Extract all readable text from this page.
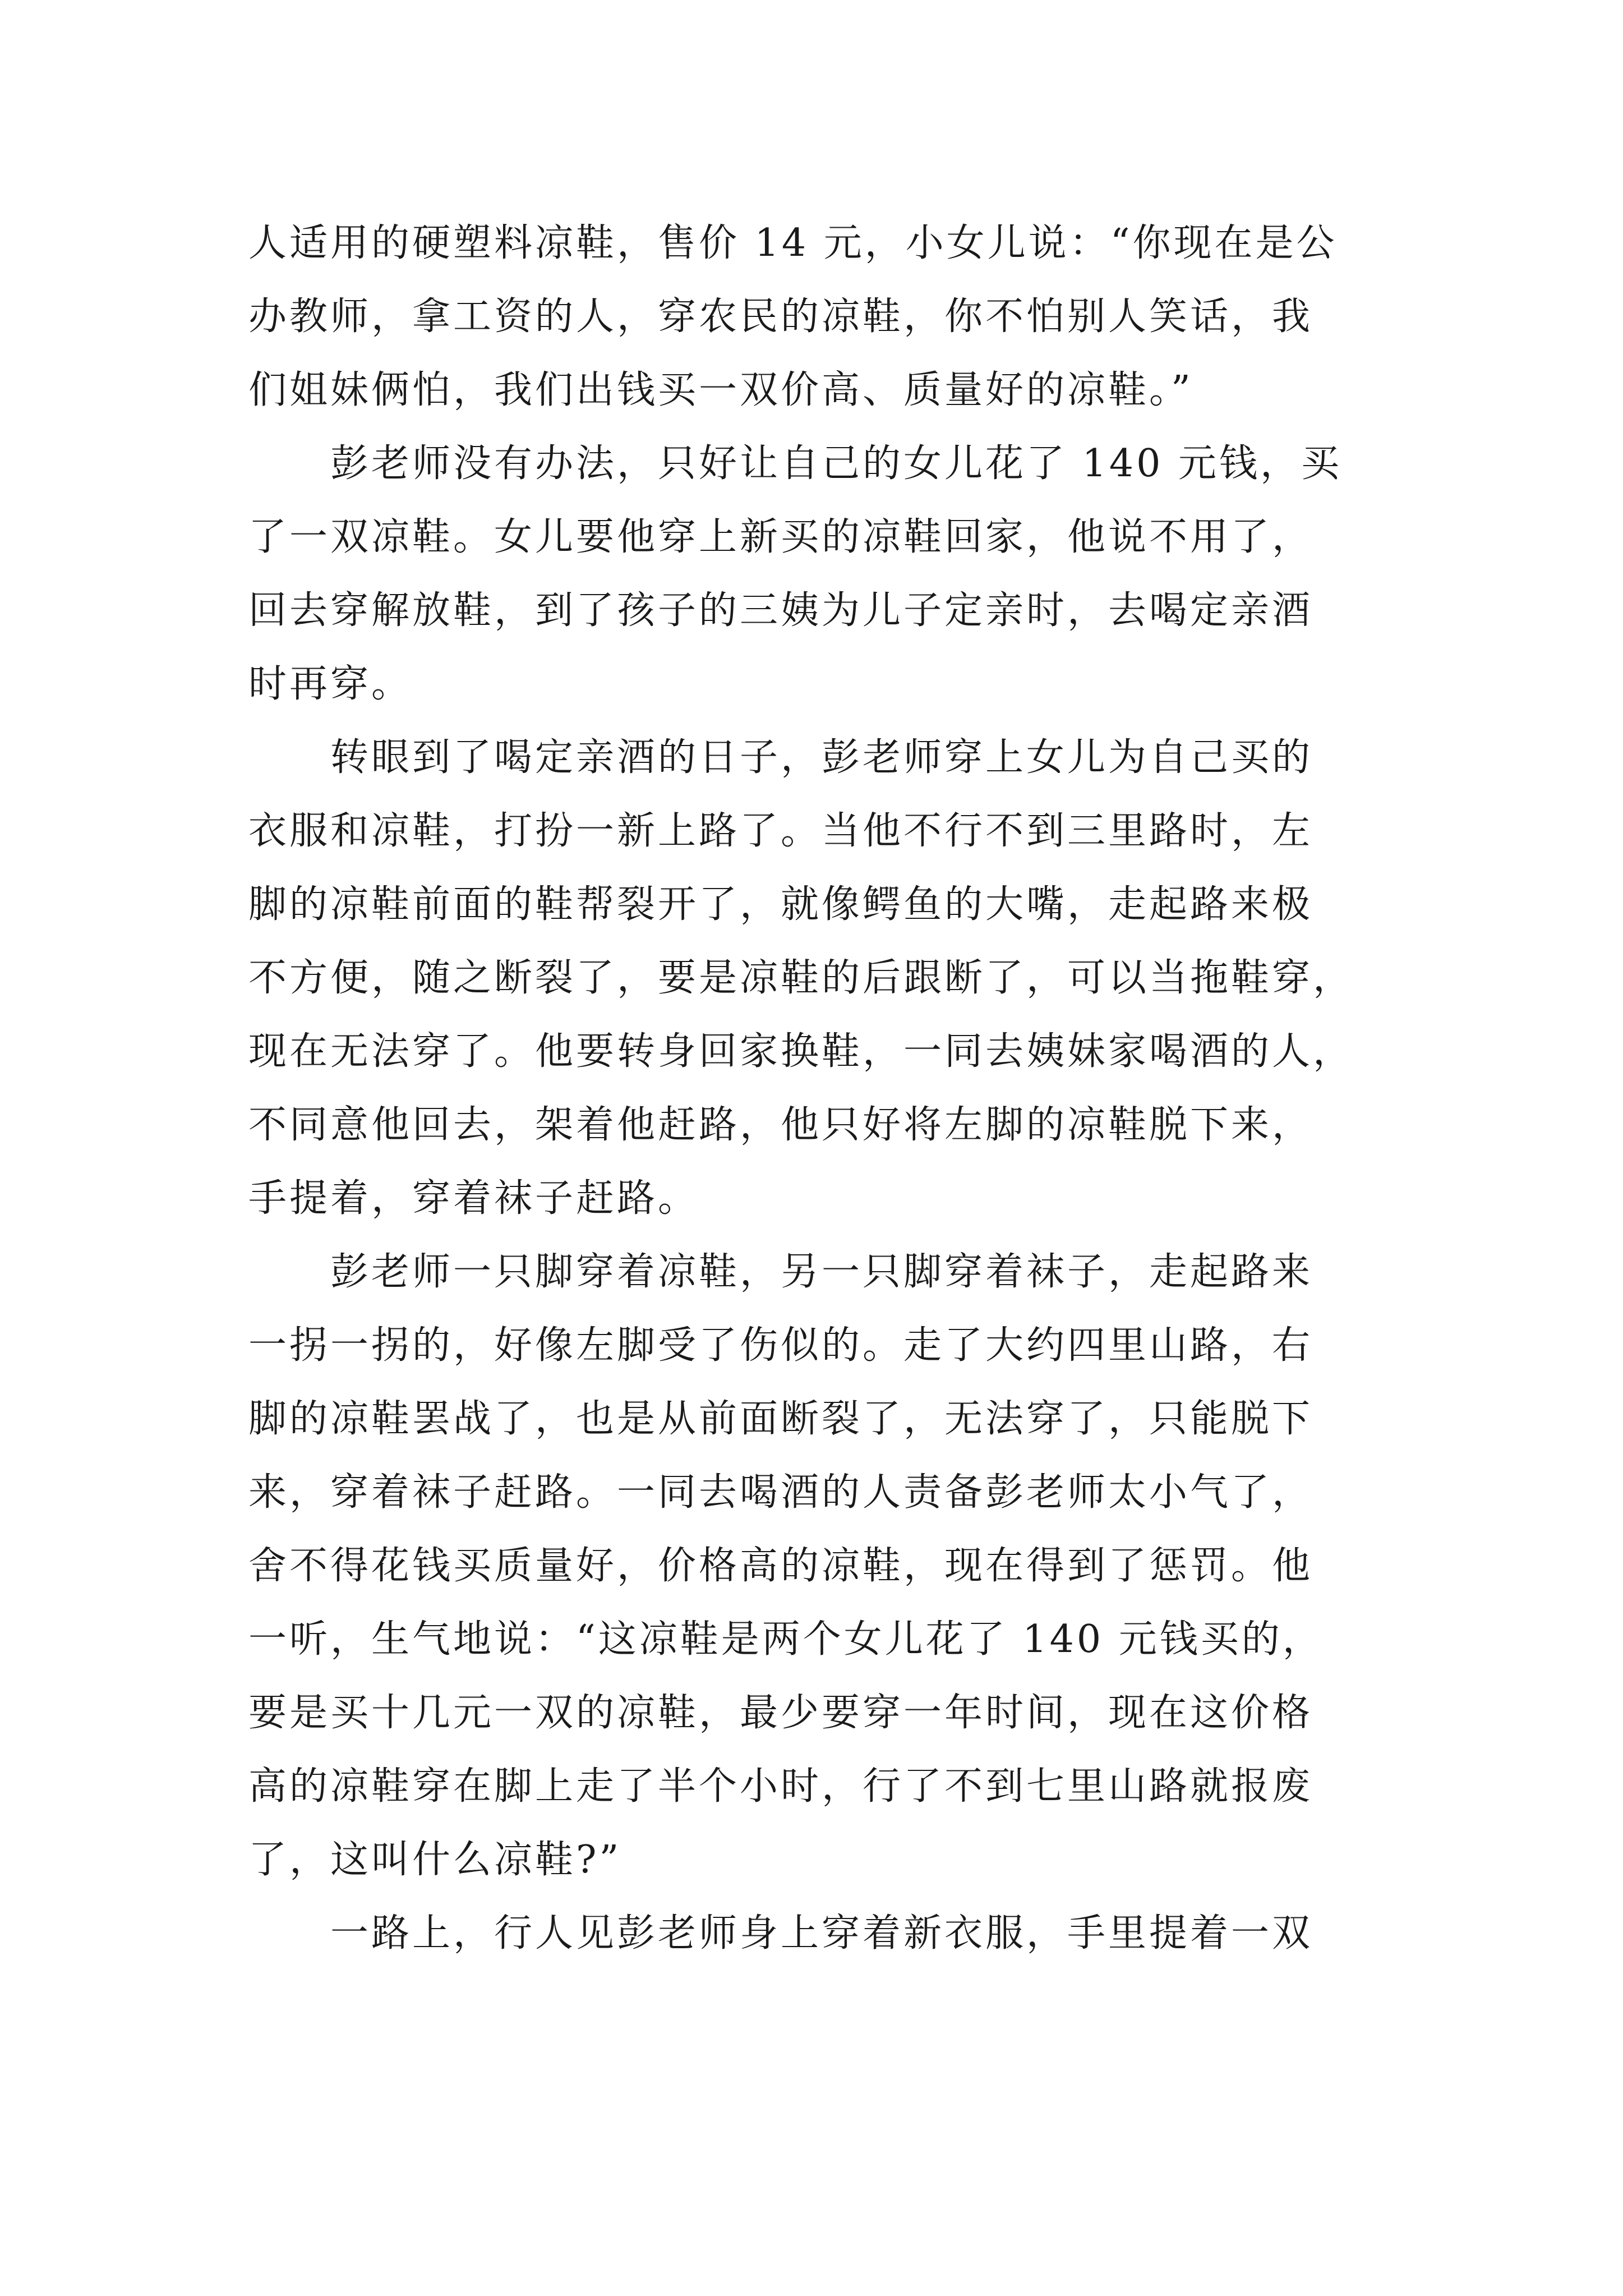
人适用的硬塑料凉鞋，售价 14 元，小女儿说：“你现在是公
办教师，拿工资的人，穿农民的凉鞋，你不怕别人笑话，我
们姐妹俩怕，我们出钱买一双价高、质量好的凉鞋。”
彭老师没有办法，只好让自己的女儿花了 140 元钱，买
了一双凉鞋。女儿要他穿上新买的凉鞋回家，他说不用了，
回去穿解放鞋，到了孩子的三姨为儿子定亲时，去喝定亲酒
时再穿。
转眼到了喝定亲酒的日子，彭老师穿上女儿为自己买的
衣服和凉鞋，打扮一新上路了。当他不行不到三里路时，左
脚的凉鞋前面的鞋帮裂开了，就像鳄鱼的大嘴，走起路来极
不方便，随之断裂了，要是凉鞋的后跟断了，可以当拖鞋穿，
现在无法穿了。他要转身回家换鞋，一同去姨妹家喝酒的人，
不同意他回去，架着他赶路，他只好将左脚的凉鞋脱下来，
手提着，穿着袜子赶路。
彭老师一只脚穿着凉鞋，另一只脚穿着袜子，走起路来
一拐一拐的，好像左脚受了伤似的。走了大约四里山路，右
脚的凉鞋罢战了，也是从前面断裂了，无法穿了，只能脱下
来，穿着袜子赶路。一同去喝酒的人责备彭老师太小气了，
舍不得花钱买质量好，价格高的凉鞋，现在得到了惩罚。他
一听，生气地说：“这凉鞋是两个女儿花了 140 元钱买的，
要是买十几元一双的凉鞋，最少要穿一年时间，现在这价格
高的凉鞋穿在脚上走了半个小时，行了不到七里山路就报废
了，这叫什么凉鞋?”
一路上，行人见彭老师身上穿着新衣服，手里提着一双
